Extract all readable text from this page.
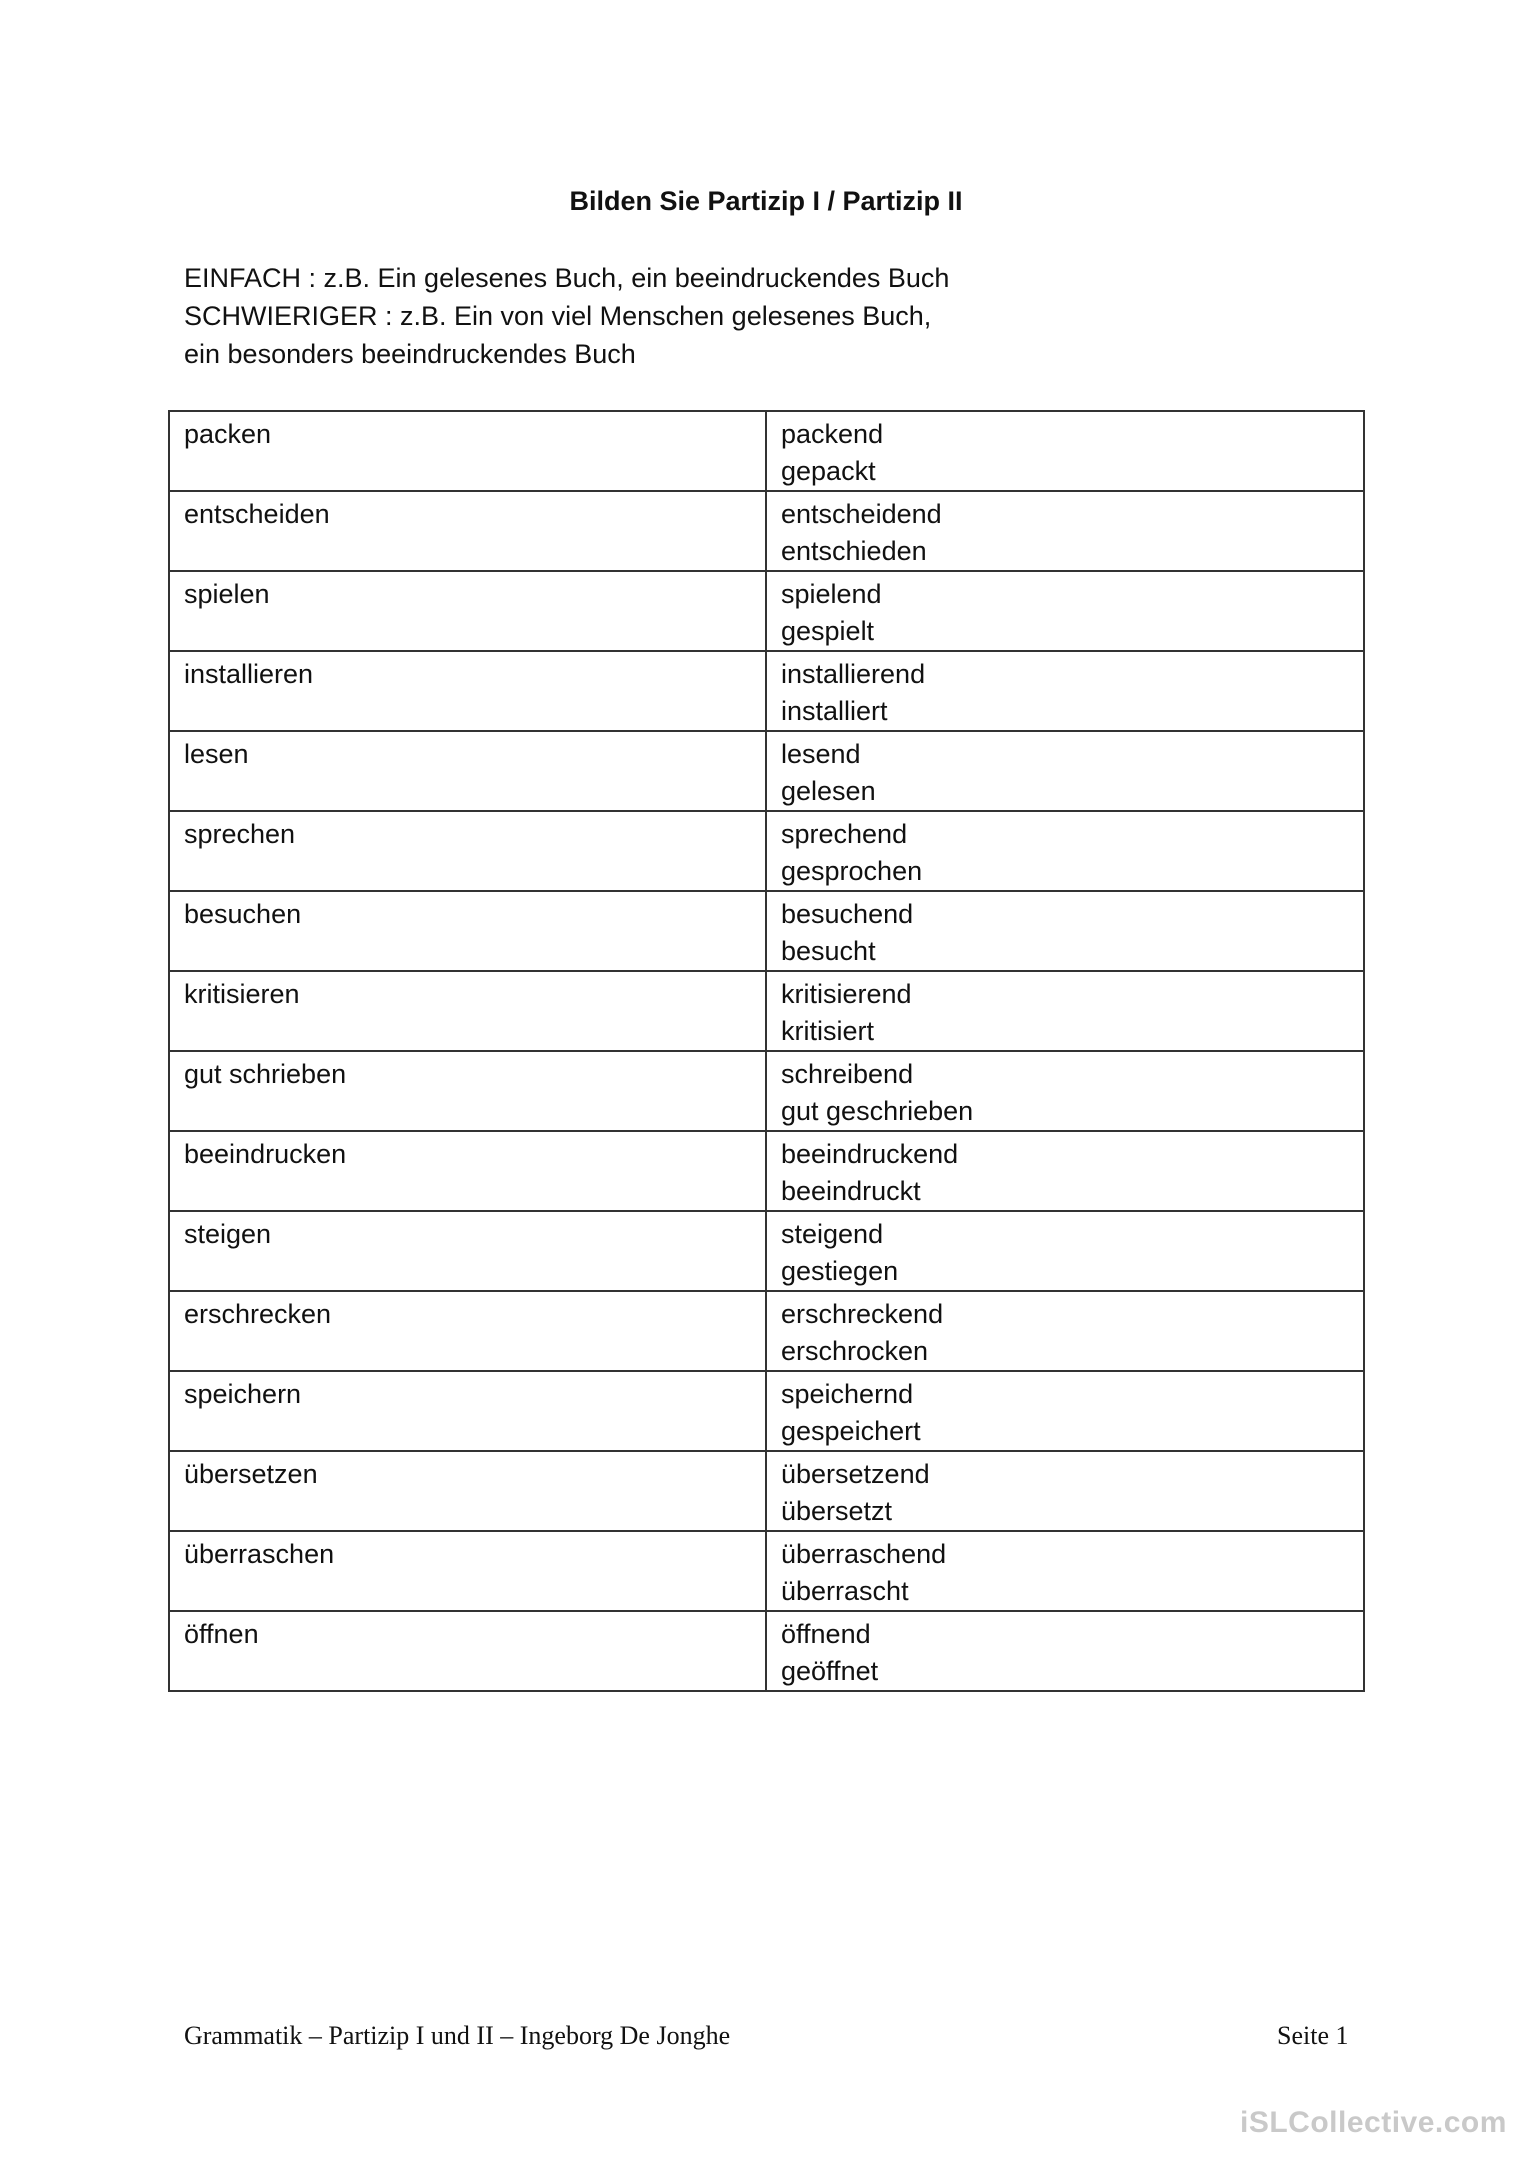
Bilden Sie Partizip I / Partizip II
EINFACH : z.B. Ein gelesenes Buch, ein beeindruckendes Buch
SCHWIERIGER : z.B. Ein von viel Menschen gelesenes Buch,
ein besonders beeindruckendes Buch
packen	packend
gepackt

entscheiden	entscheidend
entschieden

spielen	spielend
gespielt

installieren	installierend
installiert

lesen	lesend
gelesen

sprechen	sprechend
gesprochen

besuchen	besuchend
besucht

kritisieren	kritisierend
kritisiert

gut schrieben	schreibend
gut geschrieben

beeindrucken	beeindruckend
beeindruckt

steigen	steigend
gestiegen

erschrecken	erschreckend
erschrocken

speichern	speichernd
gespeichert

übersetzen	übersetzend
übersetzt

überraschen	überraschend
überrascht

öffnen	öffnend
geöffnet
Grammatik – Partizip I und II – Ingeborg De Jonghe	Seite 1
iSLCollective.com
